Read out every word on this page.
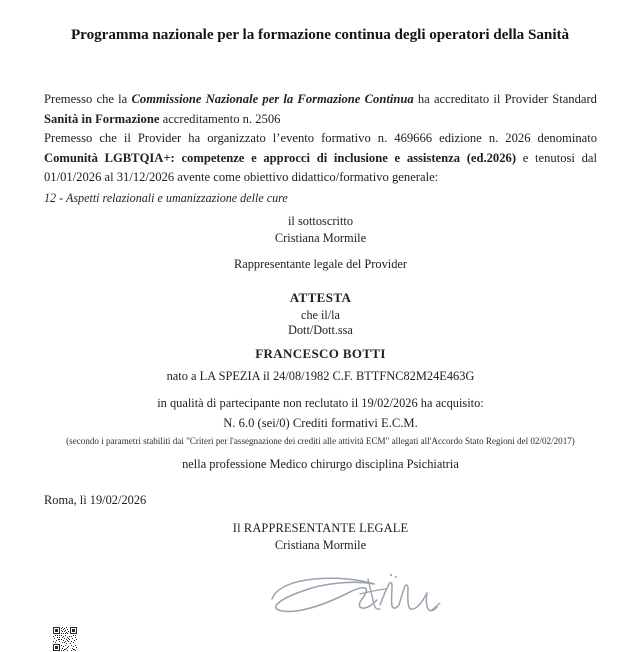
Programma nazionale per la formazione continua degli operatori della Sanità

Premesso che la Commissione Nazionale per la Formazione Continua ha accreditato il Provider Standard Sanità in Formazione accreditamento n. 2506

Premesso che il Provider ha organizzato l’evento formativo n. 469666 edizione n. 2026 denominato Comunità LGBTQIA+: competenze e approcci di inclusione e assistenza (ed.2026) e tenutosi dal 01/01/2026 al 31/12/2026 avente come obiettivo didattico/formativo generale:

12 - Aspetti relazionali e umanizzazione delle cure
il sottoscritto
Cristiana Mormile
Rappresentante legale del Provider
ATTESTA
che il/la
Dott/Dott.ssa
FRANCESCO BOTTI
nato a LA SPEZIA il 24/08/1982 C.F. BTTFNC82M24E463G
in qualità di partecipante non reclutato il 19/02/2026 ha acquisito:
N. 6.0 (sei/0) Crediti formativi E.C.M.
(secondo i parametri stabiliti dai "Criteri per l'assegnazione dei crediti alle attività ECM" allegati all'Accordo Stato Regioni del 02/02/2017)
nella professione Medico chirurgo disciplina Psichiatria
Roma, lì 19/02/2026
Il RAPPRESENTANTE LEGALE
Cristiana Mormile
